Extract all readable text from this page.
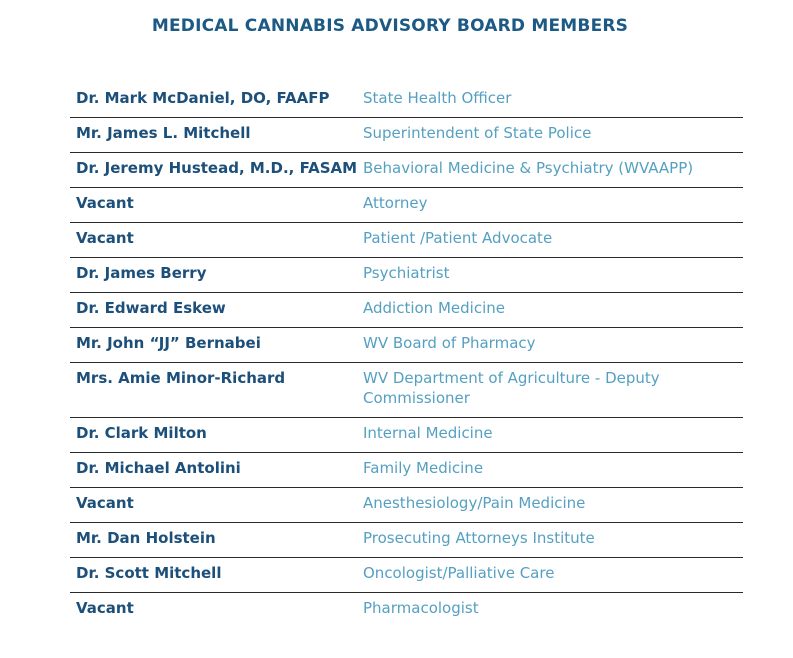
MEDICAL CANNABIS ADVISORY BOARD MEMBERS
Dr. Mark McDaniel, DO, FAAFP	State Health Officer
Mr. James L. Mitchell	Superintendent of State Police
Dr. Jeremy Hustead, M.D., FASAM	Behavioral Medicine & Psychiatry (WVAAPP)
Vacant	Attorney
Vacant	Patient /Patient Advocate
Dr. James Berry	Psychiatrist
Dr. Edward Eskew	Addiction Medicine
Mr. John “JJ” Bernabei	WV Board of Pharmacy
Mrs. Amie Minor-Richard	WV Department of Agriculture - Deputy Commissioner
Dr. Clark Milton	Internal Medicine
Dr. Michael Antolini	Family Medicine
Vacant	Anesthesiology/Pain Medicine
Mr. Dan Holstein	Prosecuting Attorneys Institute
Dr. Scott Mitchell	Oncologist/Palliative Care
Vacant	Pharmacologist
